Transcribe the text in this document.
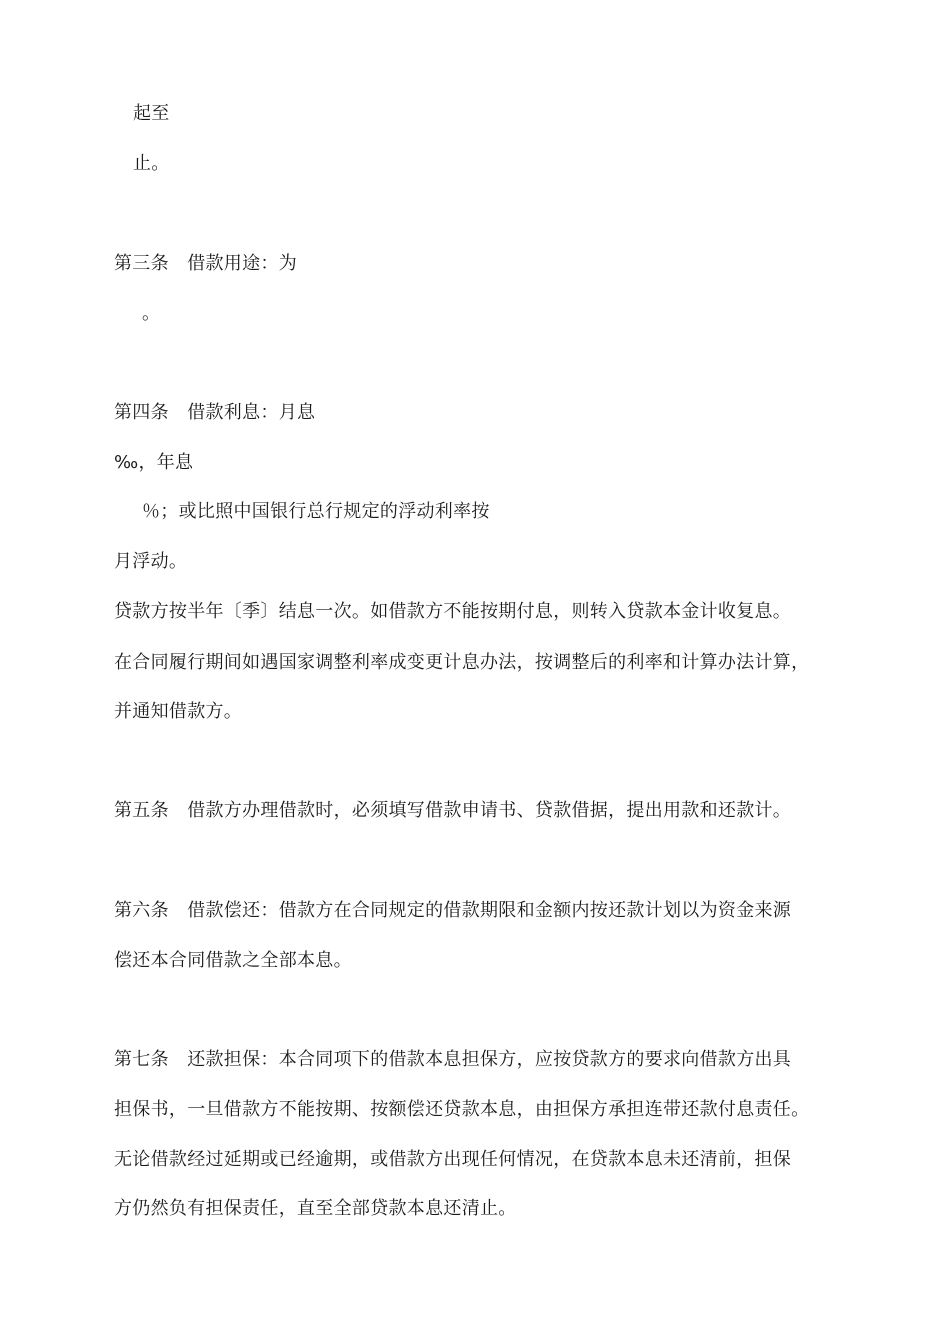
起至
止。
第三条　借款用途：为
。
第四条　借款利息：月息
‰，年息
％；或比照中国银行总行规定的浮动利率按
月浮动。
贷款方按半年〔季〕结息一次。如借款方不能按期付息，则转入贷款本金计收复息。
在合同履行期间如遇国家调整利率成变更计息办法，按调整后的利率和计算办法计算，
并通知借款方。
第五条　借款方办理借款时，必须填写借款申请书、贷款借据，提出用款和还款计。
第六条　借款偿还：借款方在合同规定的借款期限和金额内按还款计划以为资金来源
偿还本合同借款之全部本息。
第七条　还款担保：本合同项下的借款本息担保方，应按贷款方的要求向借款方出具
担保书，一旦借款方不能按期、按额偿还贷款本息，由担保方承担连带还款付息责任。
无论借款经过延期或已经逾期，或借款方出现任何情况，在贷款本息未还清前，担保
方仍然负有担保责任，直至全部贷款本息还清止。
